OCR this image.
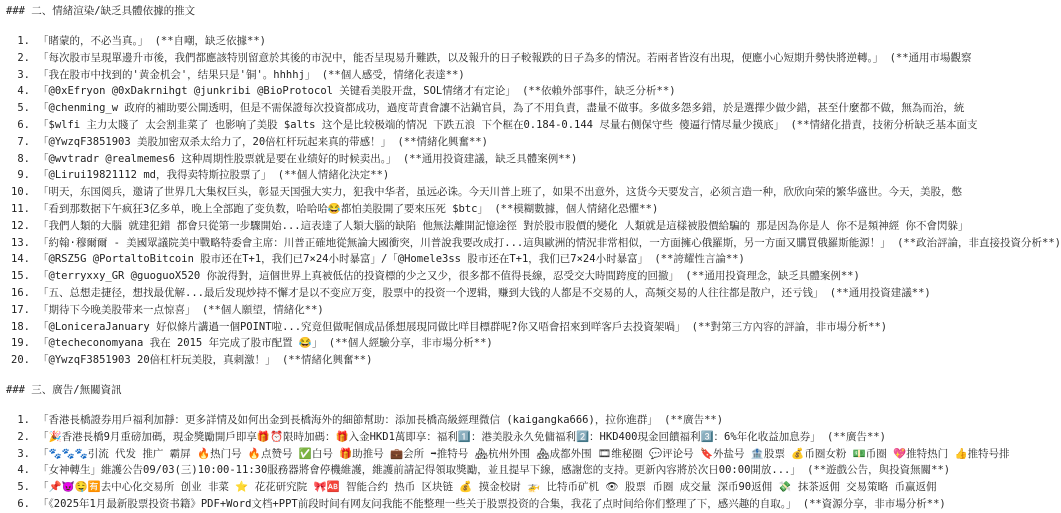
### 二、情緒渲染/缺乏具體依據的推文
1. 「睹蒙的，不必当真。」 (**自嘲，缺乏依據**)
2. 「每次股市呈現單邊升市後，我們都應該特別留意於其後的市況中，能否呈現易升難跌，以及報升的日子較報跌的日子為多的情況。若兩者皆沒有出現，便應小心短期升勢快將逆轉。」 (**通用市場觀察
3. 「我在股市中找到的'黄金机会'，结果只是'铜'。hhhhj」 (**個人感受，情绪化表達**)
4. 「@0xEfryon @0xDakrnihgt @junkribi @BioProtocol 关键看美股开盘，SOL情绪才有定论」 (**依賴外部事件，缺乏分析**)
5. 「@chenming_w 政府的補助要公開透明，但是不需保證每次投資都成功，過度苛責會讓不沾鍋官員，為了不用負責，盡量不做事。多做多怨多錯，於是選擇少做少錯，甚至什麼都不做，無為而治，統
6. 「$wlfi 主力太賤了 太会割韭菜了 也影响了美股 $alts 这个是比较极端的情况 下跌五浪 下个框在0.184-0.144 尽量右侧保守些 傻逼行情尽量少摸底」 (**情緒化措責，技術分析缺乏基本面支
7. 「@YwzqF3851903 美股加密双杀太给力了，20倍杠杆玩起来真的带感！」 (**情緒化興奮**)
8. 「@wvtradr @realmemes6 这种周期性股票就是要在业绩好的时候卖出。」 (**通用投資建議，缺乏具體案例**)
9. 「@Lirui19821112 md，我得卖特斯拉股票了」 (**個人情緒化決定**)
10. 「明天，东国阅兵，邀请了世界几大集权巨头，彰显天国强大实力，犯我中华者，虽远必诛。今天川普上班了，如果不出意外，这货今天要发言，必须言造一种，欣欣向荣的繁华盛世。今天，美股，憋
11. 「看到那数据下午疯狂3亿多单，晚上全部跑了变负数，哈哈哈😂都怕美股開了要來压死 $btc」 (**模糊數據，個人情緒化恐懼**)
12. 「我們人類的大腦 就建犯錯 都會只從第一步驟開始...這表達了人類大腦的缺陷 他無法離開記憶途徑 對於股市股價的變化 人類就是這樣被股價給騙的 那是因為你是人 你不是頻神經 你不會閃躲」
13. 「約翰·穆爾爾 - 美國眾議院美中戰略特委會主席：川普正確地從無論大國衝突，川普說我要改成打...這與歐洲的情況非常相似，一方面擁心俄羅斯，另一方面又購買俄羅斯能源！」 (**政治評論，非直接投資分析**)
14. 「@RSZ5G @PortaltoBitcoin 股市还在T+1，我们已7×24小时暴富」/「@Homele3ss 股市还在T+1，我们已7×24小时暴富」 (**誇耀性言論**)
15. 「@terryxxy_GR @guoguoX520 你說得對，這個世界上真被低估的投資標的少之又少，很多都不值得長線，忍受交大時間跨度的回撤」 (**通用投資理念，缺乏具體案例**)
16. 「五、总想走捷径，想找最优解...最后发现炒持不懈才是以不变应万变，股票中的投资一个逻辑，赚到大钱的人都是不交易的人，高频交易的人往往都是散户，还亏钱」 (**通用投資建議**)
17. 「期待下今晚美股带来一点惊喜」 (**個人願望，情緒化**)
18. 「@LoniceraJanuary 好似條片講過一個POINT啦...究竟但做呢個成品係想展現同做比咩目標群呢?你又唔會招來到咩客戶去投資架喎」 (**對第三方內容的評論，非市場分析**)
19. 「@techeconomyana 我在 2015 年完成了股市配置 😂」 (**個人經驗分享，非市場分析**)
20. 「@YwzqF3851903 20倍杠杆玩美股，真刺激！」 (**情緒化興奮**)
### 三、廣告/無關資訊
1. 「香港長橋證券用戶福利加靜：更多詳情及如何出金到長橋海外的細節幫助：添加長橋高級經理微信 (kaigangka666)，拉你進群」 (**廣告**)
2. 「🎉香港長橋9月重磅加碼，現金獎勵開戶即享🎁⏰限時加碼：🎁入金HKD1萬即享：福利1️⃣：港美股永久免傭福利2️⃣：HKD400現金回饋福利3️⃣：6%年化收益加息券」 (**廣告**)
3. 「🐾🐾🐾引流 代发 推广 霸屏 🔥热门号 🔥点赞号 ✅白号 🎁助推号 💼会所 ➡推特号 🏘杭州外围 🏘成都外围 🎞维秘圈 💬评论号 🔖外盐号 🏦股票 💰币圈女粉 💵币圈 💖推特热门 👍推特号排
4. 「女神轉生」維護公告09/03(三)10:00-11:30服務器將會停機維護，維護前請記得領取獎勵，並且提早下線，感謝您的支持。更新內容將於次日00:00開放...」 (**遊戲公告，與投資無關**)
5. 「📌😈🤤🈶去中心化交易所 创业 非菜 ⭐ 花花研究院 🎀🆎 智能合约 热币 区块链 💰 摸金校尉 🚁 比特币矿机 👁 股票 币圈 成交量 深币90返佣 💸 抹茶返佣 交易策略 币赢返佣
6. 「《2025年1月最新股票投资书籍》PDF+Word文档+PPT前段时间有网友问我能不能整理一些关于股票投资的合集，我花了点时间给你们整理了下，感兴趣的自取。」 (**資源分享，非市場分析**)
